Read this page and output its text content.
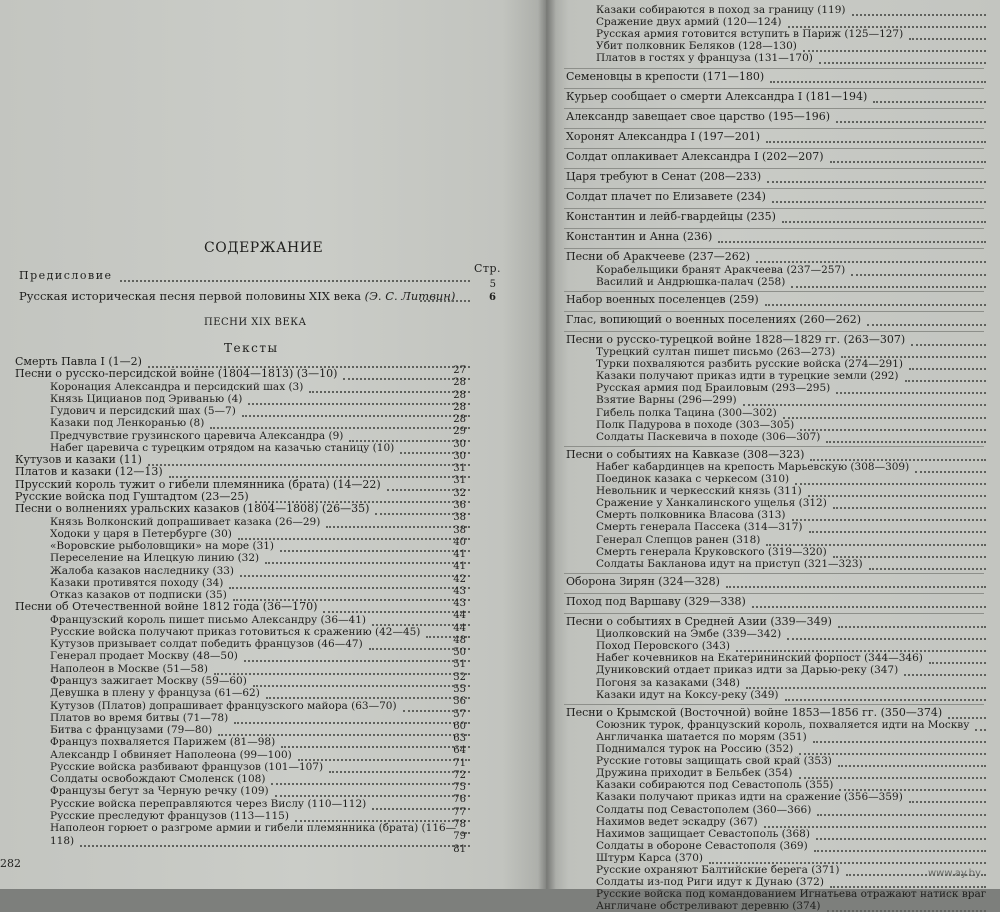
СОДЕРЖАНИЕ
Стр.
Предисловие
5
Русская историческая песня первой половины XIX века (Э. С. Литвин)	6
ПЕСНИ XIX ВЕКА
Тексты
282
Смерть Павла I (1—2)
27
Песни о русско-персидской войне (1804—1813) (3—10)
28
Коронация Александра и персидский шах (3)
28
Князь Цицианов под Эриванью (4)
28
Гудович и персидский шах (5—7)
28
Казаки под Ленкоранью (8)
29
Предчувствие грузинского царевича Александра (9)
30
Набег царевича с турецким отрядом на казачью станицу (10)
30
Кутузов и казаки (11)
31
Платов и казаки (12—13)
31
Прусский король тужит о гибели племянника (брата) (14—22)
32
Русские войска под Гуштадтом (23—25)
36
Песни о волнениях уральских казаков (1804—1808) (26—35)
38
Князь Волконский допрашивает казака (26—29)
38
Ходоки у царя в Петербурге (30)
40
«Воровские рыболовщики» на море (31)
41
Переселение на Илецкую линию (32)
41
Жалоба казаков наследнику (33)
42
Казаки противятся походу (34)
43
Отказ казаков от подписки (35)
43
Песни об Отечественной войне 1812 года (36—170)
44
Французский король пишет письмо Александру (36—41)
44
Русские войска получают приказ готовиться к сражению (42—45)
48
Кутузов призывает солдат победить французов (46—47)
50
Генерал продает Москву (48—50)
51
Наполеон в Москве (51—58)
52
Француз зажигает Москву (59—60)
55
Девушка в плену у француза (61—62)
56
Кутузов (Платов) допрашивает французского майора (63—70)
57
Платов во время битвы (71—78)
60
Битва с французами (79—80)
63
Француз похваляется Парижем (81—98)
64
Александр I обвиняет Наполеона (99—100)
71
Русские войска разбивают французов (101—107)
72
Солдаты освобождают Смоленск (108)
75
Французы бегут за Черную речку (109)
76
Русские войска переправляются через Вислу (110—112)
77
Русские преследуют французов (113—115)
78
Наполеон горюет о разгроме армии и гибели племянника (брата) (116—
79
118)
81
www.ay.by
Казаки собираются в поход за границу (119)
Сражение двух армий (120—124)
Русская армия готовится вступить в Париж (125—127)
Убит полковник Беляков (128—130)
Платов в гостях у француза (131—170)
Семеновцы в крепости (171—180)
Курьер сообщает о смерти Александра I (181—194)
Александр завещает свое царство (195—196)
Хоронят Александра I (197—201)
Солдат оплакивает Александра I (202—207)
Царя требуют в Сенат (208—233)
Солдат плачет по Елизавете (234)
Константин и лейб-гвардейцы (235)
Константин и Анна (236)
Песни об Аракчееве (237—262)
Корабельщики бранят Аракчеева (237—257)
Василий и Андрюшка-палач (258)
Набор военных поселенцев (259)
Глас, вопиющий о военных поселениях (260—262)
Песни о русско-турецкой войне 1828—1829 гг. (263—307)
Турецкий султан пишет письмо (263—273)
Турки похваляются разбить русские войска (274—291)
Казаки получают приказ идти в турецкие земли (292)
Русская армия под Браиловым (293—295)
Взятие Варны (296—299)
Гибель полка Тацина (300—302)
Полк Падурова в походе (303—305)
Солдаты Паскевича в походе (306—307)
Песни о событиях на Кавказе (308—323)
Набег кабардинцев на крепость Марьевскую (308—309)
Поединок казака с черкесом (310)
Невольник и черкесский князь (311)
Сражение у Ханкалинского ущелья (312)
Смерть полковника Власова (313)
Смерть генерала Пассека (314—317)
Генерал Слепцов ранен (318)
Смерть генерала Круковского (319—320)
Солдаты Бакланова идут на приступ (321—323)
Оборона Зирян (324—328)
Поход под Варшаву (329—338)
Песни о событиях в Средней Азии (339—349)
Циолковский на Эмбе (339—342)
Поход Перовского (343)
Набег кочевников на Екатерининский форпост (344—346)
Дуниковский отдает приказ идти за Дарью-реку (347)
Погоня за казаками (348)
Казаки идут на Коксу-реку (349)
Песни о Крымской (Восточной) войне 1853—1856 гг. (350—374)
Союзник турок, французский король, похваляется идти на Москву
Англичанка шатается по морям (351)
Поднимался турок на Россию (352)
Русские готовы защищать свой край (353)
Дружина приходит в Бельбек (354)
Казаки собираются под Севастополь (355)
Казаки получают приказ идти на сражение (356—359)
Солдаты под Севастополем (360—366)
Нахимов ведет эскадру (367)
Нахимов защищает Севастополь (368)
Солдаты в обороне Севастополя (369)
Штурм Карса (370)
Русские охраняют Балтийские берега (371)
Солдаты из-под Риги идут к Дунаю (372)
Русские войска под командованием Игнатьева отражают натиск враг
Англичане обстреливают деревню (374)
